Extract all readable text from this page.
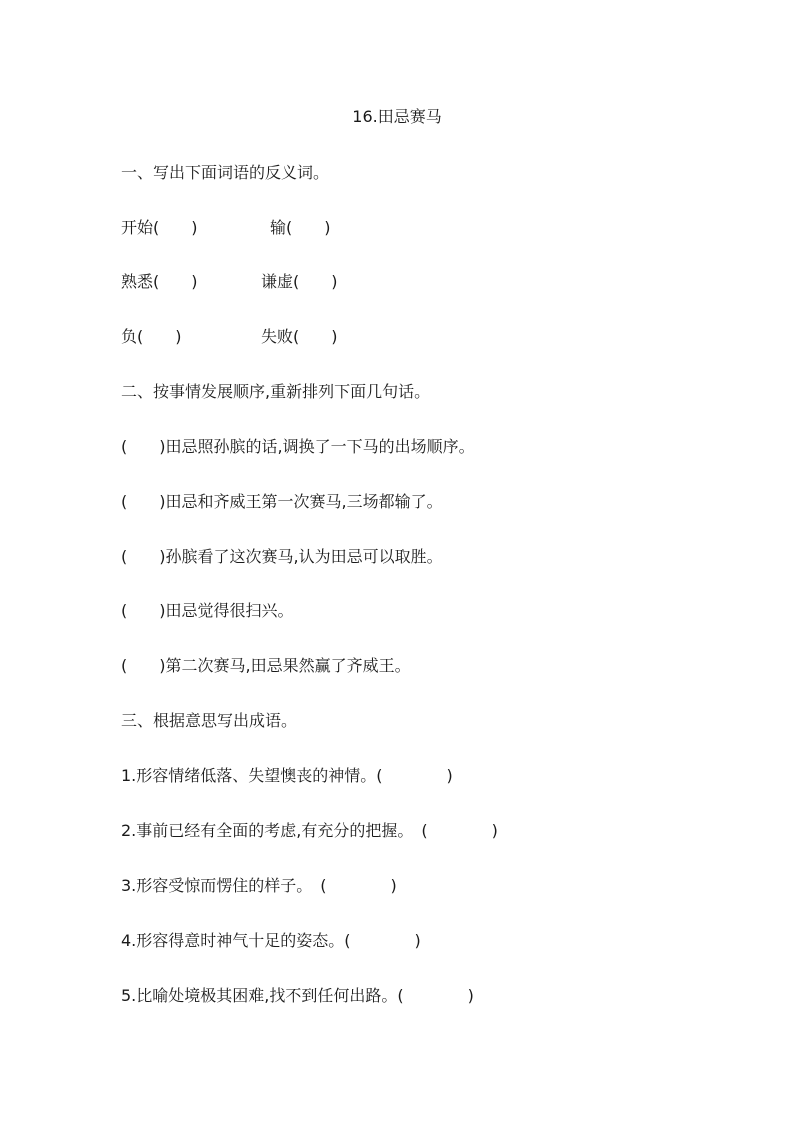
16.田忌赛马
一、写出下面词语的反义词。
开始(　　)	输(　　)
熟悉(　　)	谦虚(　　)
负(　　)	失败(　　)
二、按事情发展顺序,重新排列下面几句话。
(　　)田忌照孙膑的话,调换了一下马的出场顺序。
(　　)田忌和齐威王第一次赛马,三场都输了。
(　　)孙膑看了这次赛马,认为田忌可以取胜。
(　　)田忌觉得很扫兴。
(　　)第二次赛马,田忌果然赢了齐威王。
三、根据意思写出成语。
1.形容情绪低落、失望懊丧的神情。(　　　　)
2.事前已经有全面的考虑,有充分的把握。　(　　　　)
3.形容受惊而愣住的样子。　(　　　　)
4.形容得意时神气十足的姿态。(　　　　)
5.比喻处境极其困难,找不到任何出路。(　　　　)
